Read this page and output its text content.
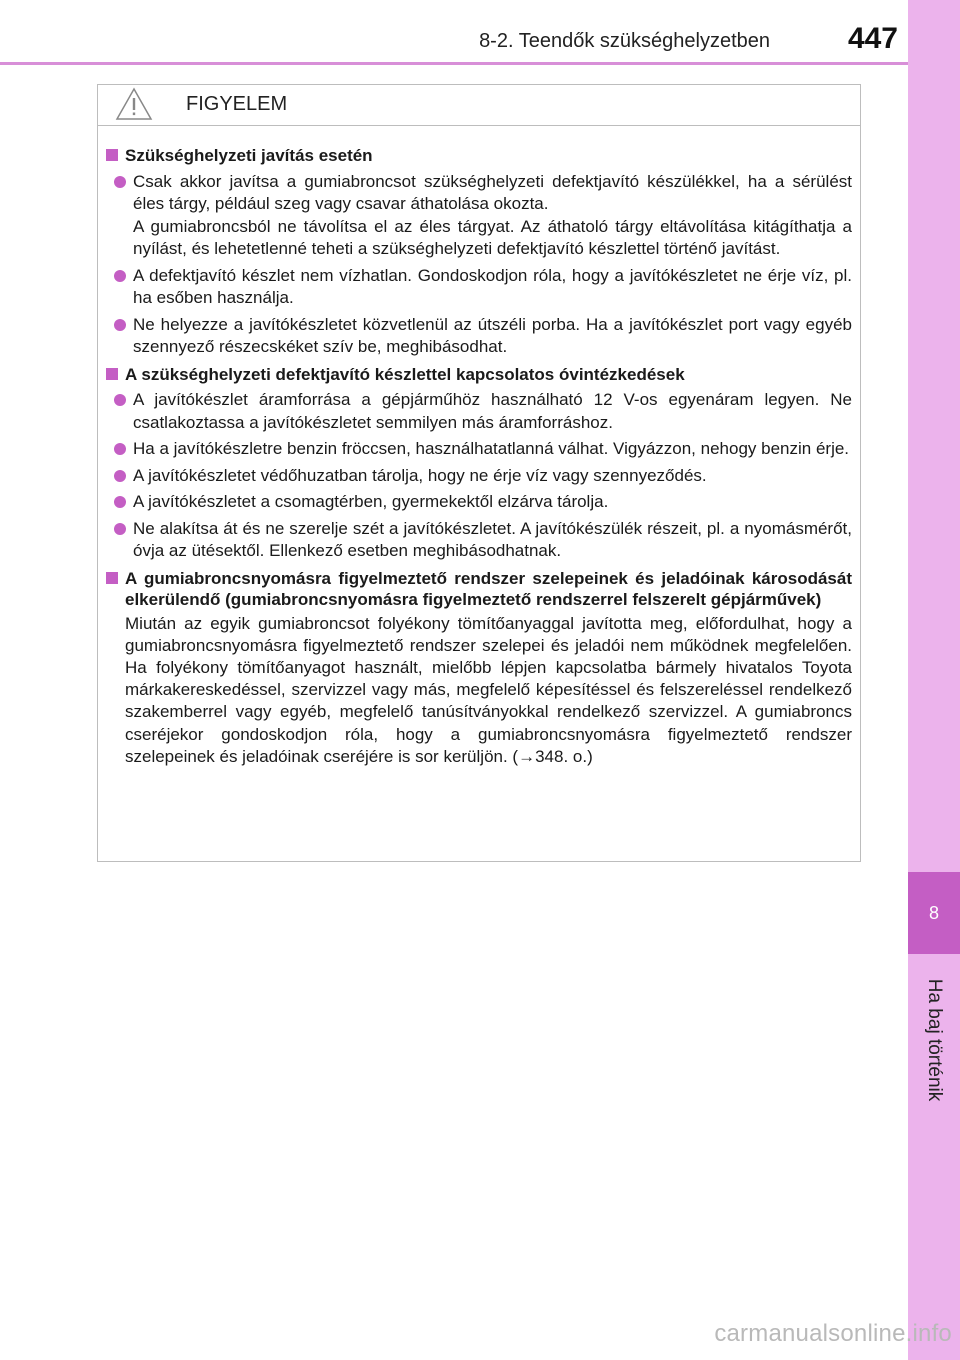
8-2. Teendők szükséghelyzetben	447
8
Ha baj történik
FIGYELEM
Szükséghelyzeti javítás esetén
Csak akkor javítsa a gumiabroncsot szükséghelyzeti defektjavító készülékkel, ha a sérülést éles tárgy, például szeg vagy csavar áthatolása okozta.
A gumiabroncsból ne távolítsa el az éles tárgyat. Az áthatoló tárgy eltávolítása kitágíthatja a nyílást, és lehetetlenné teheti a szükséghelyzeti defektjavító készlettel történő javítást.
A defektjavító készlet nem vízhatlan. Gondoskodjon róla, hogy a javítókészletet ne érje víz, pl. ha esőben használja.
Ne helyezze a javítókészletet közvetlenül az útszéli porba. Ha a javítókészlet port vagy egyéb szennyező részecskéket szív be, meghibásodhat.
A szükséghelyzeti defektjavító készlettel kapcsolatos óvintézkedések
A javítókészlet áramforrása a gépjárműhöz használható 12 V-os egyenáram legyen. Ne csatlakoztassa a javítókészletet semmilyen más áramforráshoz.
Ha a javítókészletre benzin fröccsen, használhatatlanná válhat. Vigyázzon, nehogy benzin érje.
A javítókészletet védőhuzatban tárolja, hogy ne érje víz vagy szennyeződés.
A javítókészletet a csomagtérben, gyermekektől elzárva tárolja.
Ne alakítsa át és ne szerelje szét a javítókészletet. A javítókészülék részeit, pl. a nyomásmérőt, óvja az ütésektől. Ellenkező esetben meghibásodhatnak.
A gumiabroncsnyomásra figyelmeztető rendszer szelepeinek és jeladóinak károsodását elkerülendő (gumiabroncsnyomásra figyelmeztető rendszerrel felszerelt gépjárművek)
Miután az egyik gumiabroncsot folyékony tömítőanyaggal javította meg, előfordulhat, hogy a gumiabroncsnyomásra figyelmeztető rendszer szelepei és jeladói nem működnek megfelelően. Ha folyékony tömítőanyagot használt, mielőbb lépjen kapcsolatba bármely hivatalos Toyota márkakereskedéssel, szervizzel vagy más, megfelelő képesítéssel és felszereléssel rendelkező szakemberrel vagy egyéb, megfelelő tanúsítványokkal rendelkező szervizzel. A gumiabroncs cseréjekor gondoskodjon róla, hogy a gumiabroncsnyomásra figyelmeztető rendszer szelepeinek és jeladóinak cseréjére is sor kerüljön. (→348. o.)
carmanualsonline.info
